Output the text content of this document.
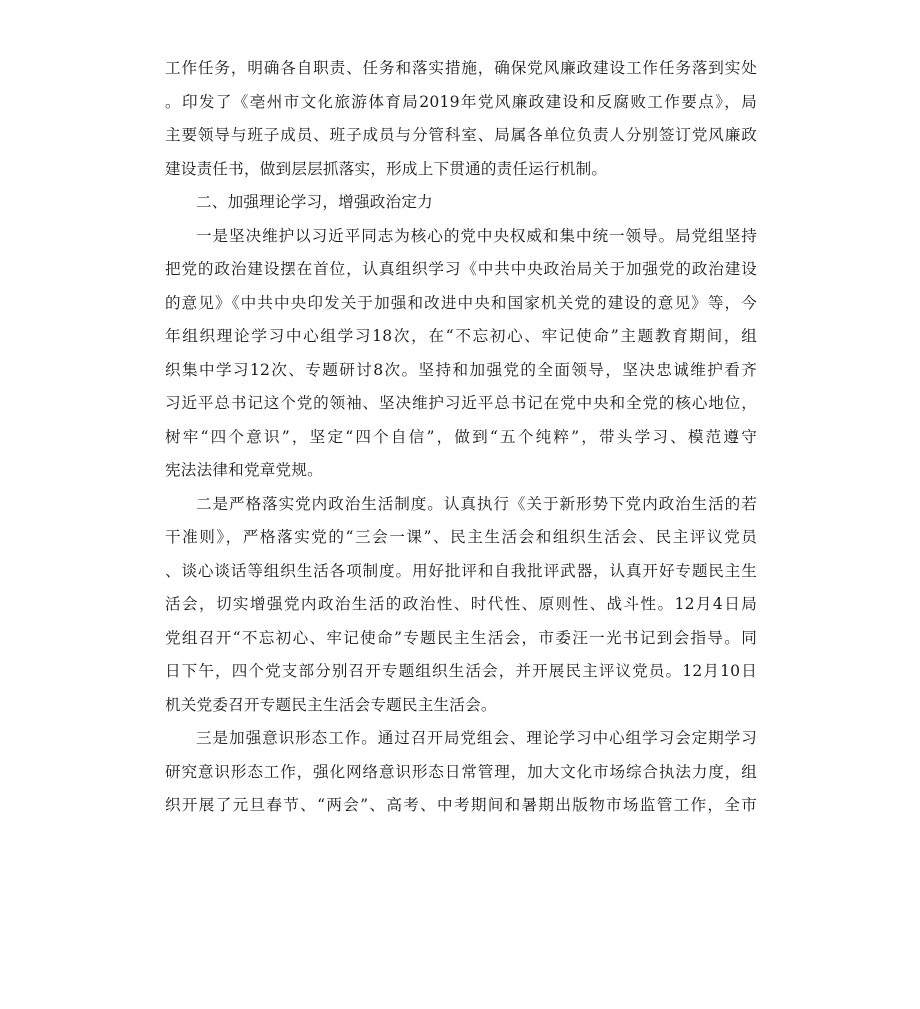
工作任务，明确各自职责、任务和落实措施，确保党风廉政建设工作任务落到实处
。印发了《亳州市文化旅游体育局2019年党风廉政建设和反腐败工作要点》，局
主要领导与班子成员、班子成员与分管科室、局属各单位负责人分别签订党风廉政
建设责任书，做到层层抓落实，形成上下贯通的责任运行机制。
二、加强理论学习，增强政治定力
一是坚决维护以习近平同志为核心的党中央权威和集中统一领导。局党组坚持
把党的政治建设摆在首位，认真组织学习《中共中央政治局关于加强党的政治建设
的意见》《中共中央印发关于加强和改进中央和国家机关党的建设的意见》等，今
年组织理论学习中心组学习18次，在“不忘初心、牢记使命”主题教育期间，组
织集中学习12次、专题研讨8次。坚持和加强党的全面领导，坚决忠诚维护看齐
习近平总书记这个党的领袖、坚决维护习近平总书记在党中央和全党的核心地位，
树牢“四个意识”，坚定“四个自信”，做到“五个纯粹”，带头学习、模范遵守
宪法法律和党章党规。
二是严格落实党内政治生活制度。认真执行《关于新形势下党内政治生活的若
干准则》，严格落实党的“三会一课”、民主生活会和组织生活会、民主评议党员
、谈心谈话等组织生活各项制度。用好批评和自我批评武器，认真开好专题民主生
活会，切实增强党内政治生活的政治性、时代性、原则性、战斗性。12月4日局
党组召开“不忘初心、牢记使命”专题民主生活会，市委汪一光书记到会指导。同
日下午，四个党支部分别召开专题组织生活会，并开展民主评议党员。12月10日
机关党委召开专题民主生活会专题民主生活会。
三是加强意识形态工作。通过召开局党组会、理论学习中心组学习会定期学习
研究意识形态工作，强化网络意识形态日常管理，加大文化市场综合执法力度，组
织开展了元旦春节、“两会”、高考、中考期间和暑期出版物市场监管工作，全市
